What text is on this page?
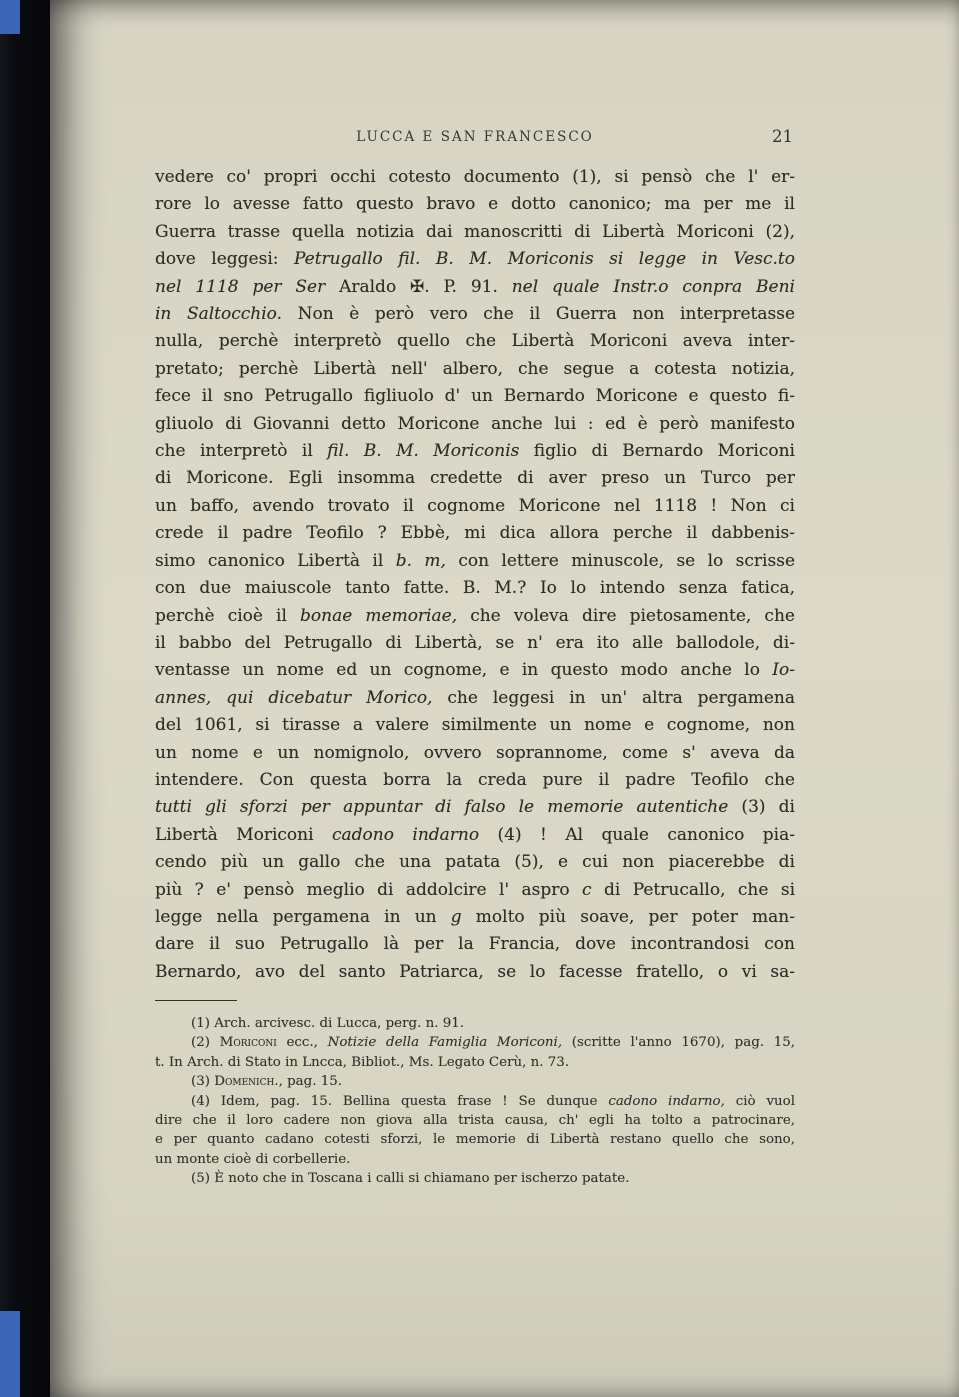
LUCCA E SAN FRANCESCO	21
vedere co' propri occhi cotesto documento (1), si pensò che l' er-
rore lo avesse fatto questo bravo e dotto canonico; ma per me il
Guerra trasse quella notizia dai manoscritti di Libertà Moriconi (2),
dove leggesi: Petrugallo fil. B. M. Moriconis si legge in Vesc.to
nel 1118 per Ser Araldo ✠. P. 91. nel quale Instr.o conpra Beni
in Saltocchio. Non è però vero che il Guerra non interpretasse
nulla, perchè interpretò quello che Libertà Moriconi aveva inter-
pretato; perchè Libertà nell' albero, che segue a cotesta notizia,
fece il sno Petrugallo figliuolo d' un Bernardo Moricone e questo fi-
gliuolo di Giovanni detto Moricone anche lui : ed è però manifesto
che interpretò il fil. B. M. Moriconis figlio di Bernardo Moriconi
di Moricone. Egli insomma credette di aver preso un Turco per
un baffo, avendo trovato il cognome Moricone nel 1118 ! Non ci
crede il padre Teofilo ? Ebbè, mi dica allora perche il dabbenis-
simo canonico Libertà il b. m, con lettere minuscole, se lo scrisse
con due maiuscole tanto fatte. B. M.? Io lo intendo senza fatica,
perchè cioè il bonae memoriae, che voleva dire pietosamente, che
il babbo del Petrugallo di Libertà, se n' era ito alle ballodole, di-
ventasse un nome ed un cognome, e in questo modo anche lo Io-
annes, qui dicebatur Morico, che leggesi in un' altra pergamena
del 1061, si tirasse a valere similmente un nome e cognome, non
un nome e un nomignolo, ovvero soprannome, come s' aveva da
intendere. Con questa borra la creda pure il padre Teofilo che
tutti gli sforzi per appuntar di falso le memorie autentiche (3) di
Libertà Moriconi cadono indarno (4) ! Al quale canonico pia-
cendo più un gallo che una patata (5), e cui non piacerebbe di
più ? e' pensò meglio di addolcire l' aspro c di Petrucallo, che si
legge nella pergamena in un g molto più soave, per poter man-
dare il suo Petrugallo là per la Francia, dove incontrandosi con
Bernardo, avo del santo Patriarca, se lo facesse fratello, o vi sa-
(1) Arch. arcivesc. di Lucca, perg. n. 91.
(2) Moriconi ecc., Notizie della Famiglia Moriconi, (scritte l'anno 1670), pag. 15,
t. In Arch. di Stato in Lncca, Bibliot., Ms. Legato Cerù, n. 73.
(3) Domenich., pag. 15.
(4) Idem, pag. 15. Bellina questa frase ! Se dunque cadono indarno, ciò vuol
dire che il loro cadere non giova alla trista causa, ch' egli ha tolto a patrocinare,
e per quanto cadano cotesti sforzi, le memorie di Libertà restano quello che sono,
un monte cioè di corbellerie.
(5) È noto che in Toscana i calli si chiamano per ischerzo patate.
